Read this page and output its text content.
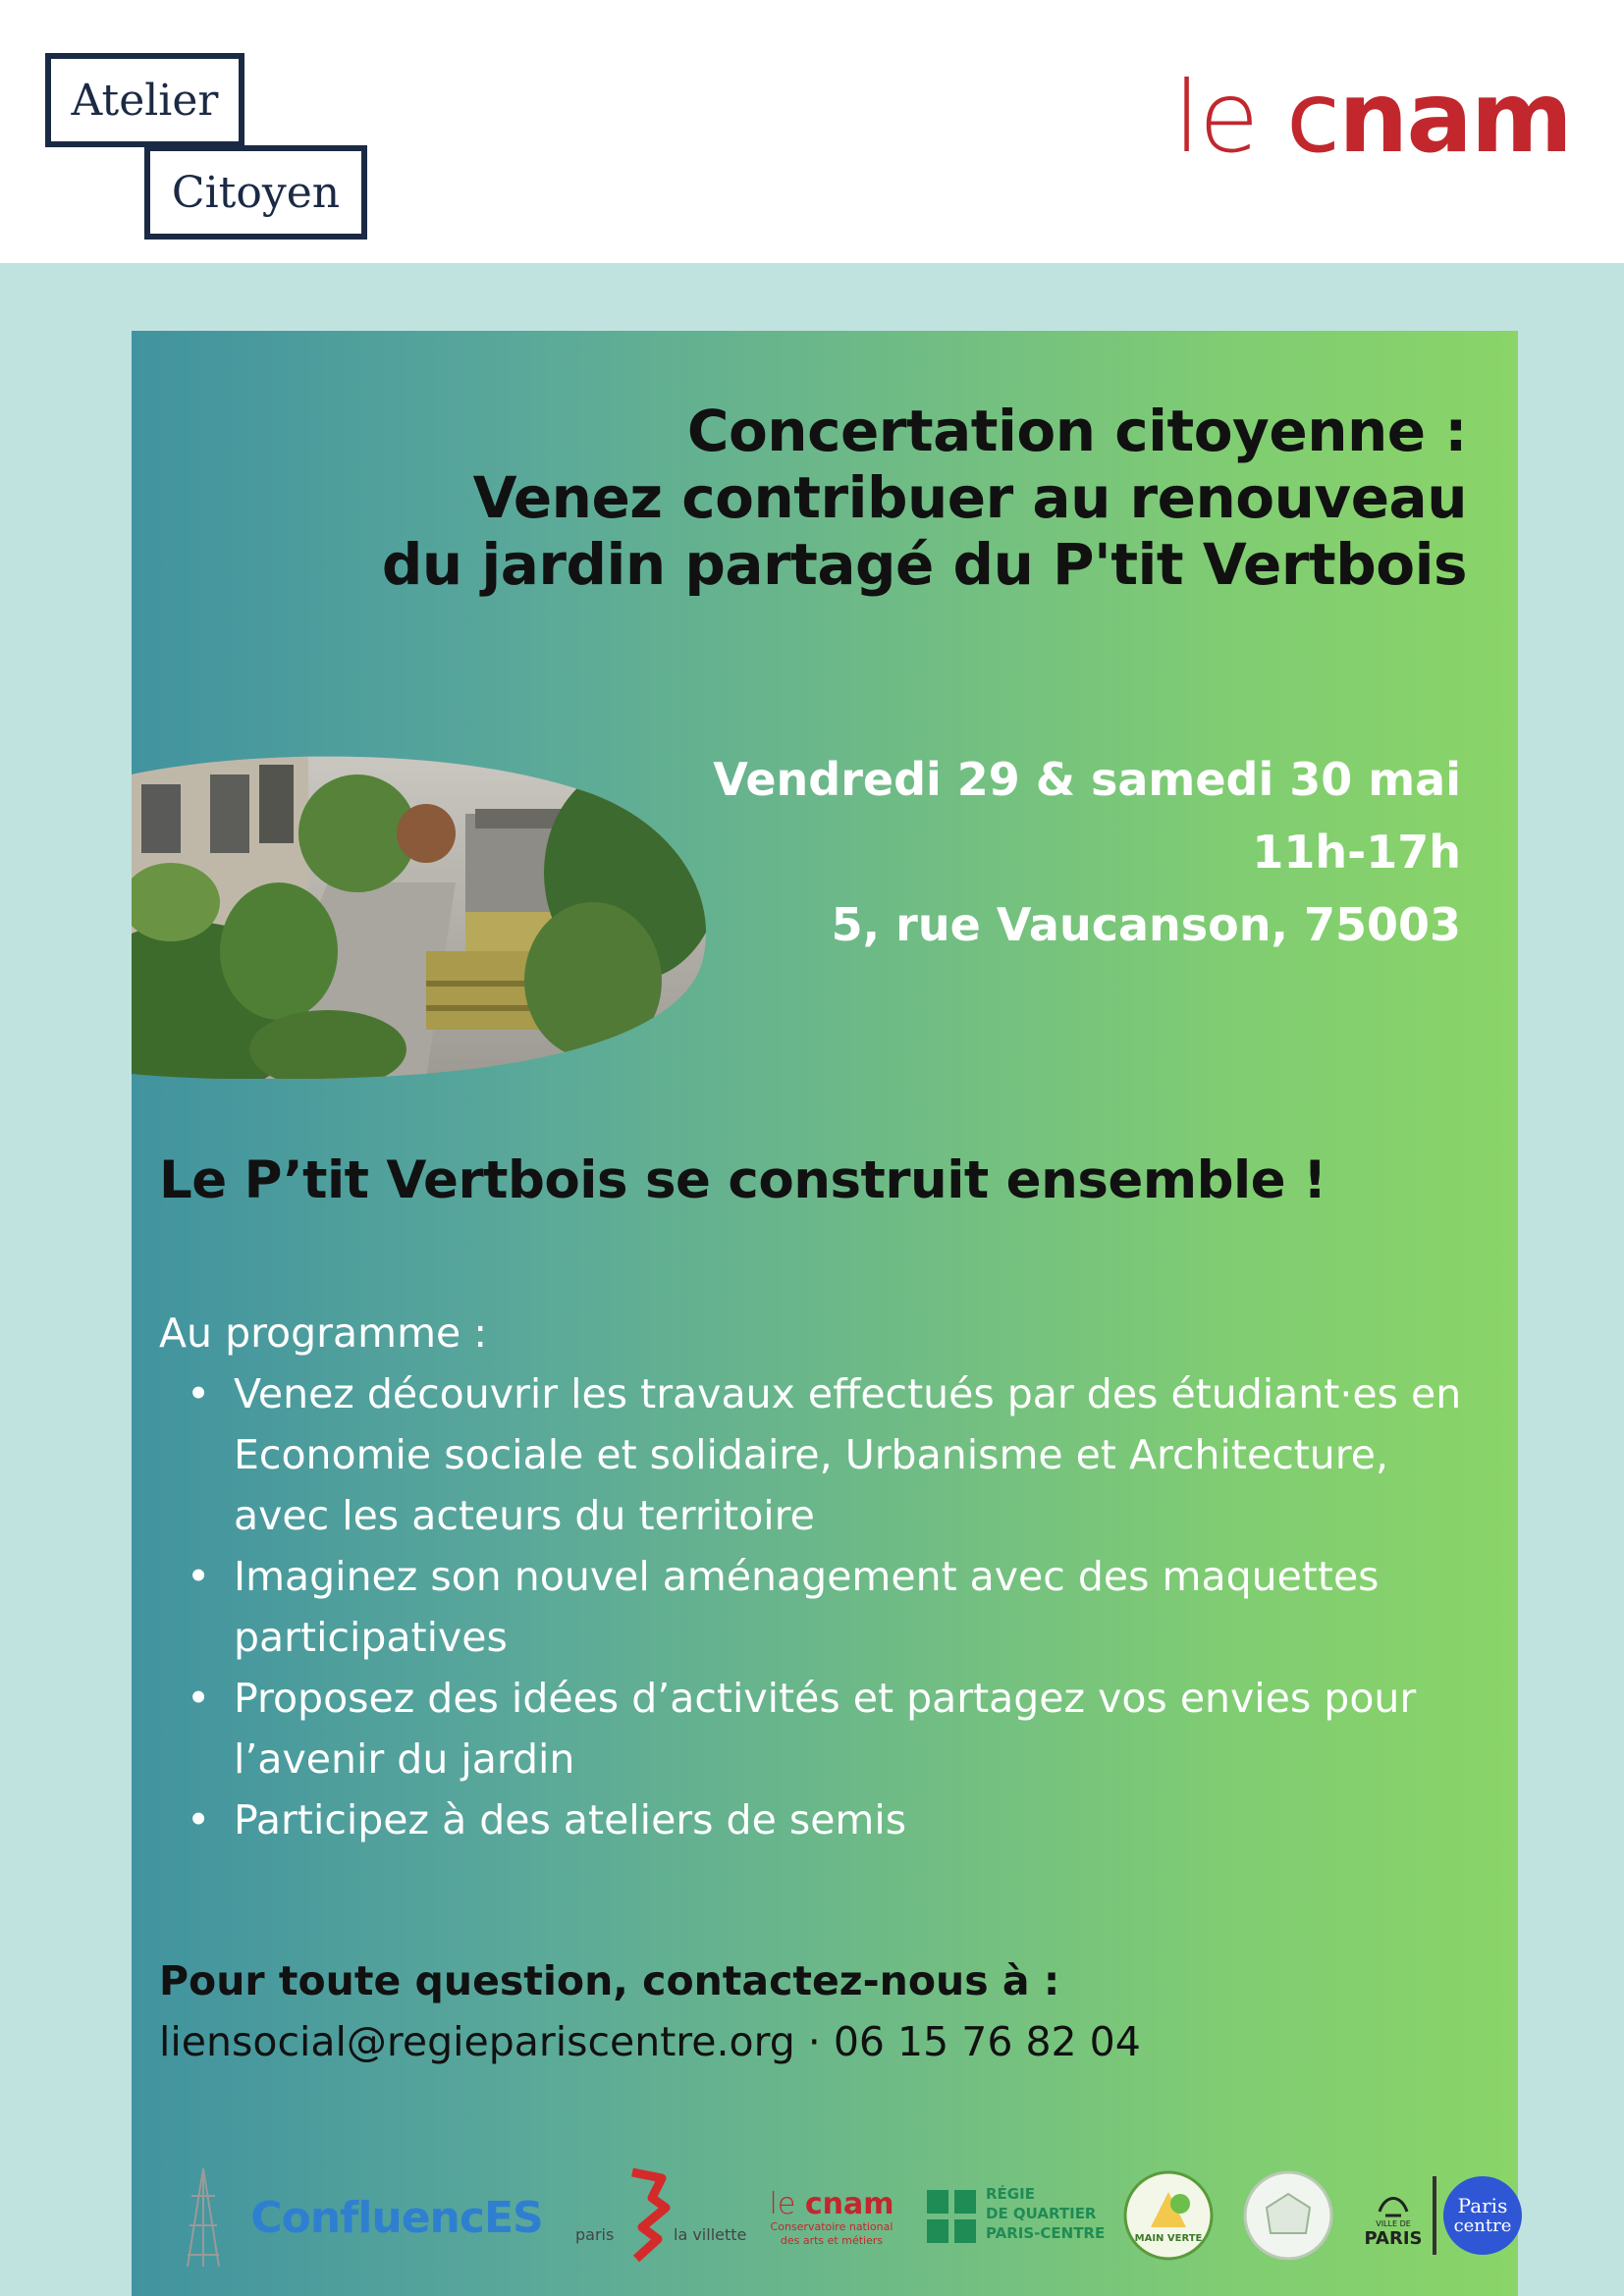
Atelier
Citoyen
le cnam
Concertation citoyenne :
Venez contribuer au renouveau
du jardin partagé du P'tit Vertbois
Vendredi 29 & samedi 30 mai
11h-17h
5, rue Vaucanson, 75003
Le P’tit Vertbois se construit ensemble !
Au programme :
• Venez découvrir les travaux effectués par des étudiant·es en Economie sociale et solidaire, Urbanisme et Architecture, avec les acteurs du territoire
• Imaginez son nouvel aménagement avec des maquettes participatives
• Proposez des idées d’activités et partagez vos envies pour l’avenir du jardin
• Participez à des ateliers de semis
Pour toute question, contactez-nous à :
liensocial@regiepariscentre.org · 06 15 76 82 04
ConfluencES paris	la villette
le cnam
Conservatoire national
des arts et métiers
RÉGIE
DE QUARTIER
PARIS-CENTRE	MAIN VERTE
VILLE DE
PARIS
Paris
centre
